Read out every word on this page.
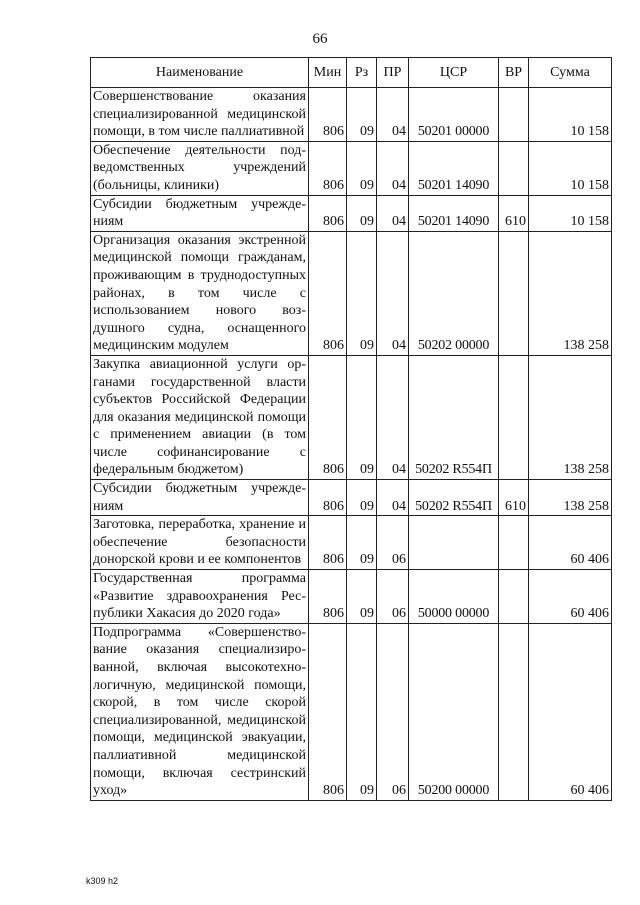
66
Наименование	Мин	Рз	ПР	ЦСР	ВР	Сумма
Совершенствование оказания специализированной медицинской помощи, в том числе паллиативной	806	09	04	50201 00000		10 158
Обеспечение деятельности подведомственных учреждений (больницы, клиники)	806	09	04	50201 14090		10 158
Субсидии бюджетным учреждениям	806	09	04	50201 14090	610	10 158
Организация оказания экстренной медицинской помощи гражданам, проживающим в труднодоступных районах, в том числе с использованием нового воздушного судна, оснащенного медицинским модулем	806	09	04	50202 00000		138 258
Закупка авиационной услуги органами государственной власти субъектов Российской Федерации для оказания медицинской помощи с применением авиации (в том числе софинансирование с федеральным бюджетом)	806	09	04	50202 R554П		138 258
Субсидии бюджетным учреждениям	806	09	04	50202 R554П	610	138 258
Заготовка, переработка, хранение и обеспечение безопасности донорской крови и ее компонентов	806	09	06			60 406
Государственная программа «Развитие здравоохранения Республики Хакасия до 2020 года»	806	09	06	50000 00000		60 406
Подпрограмма «Совершенствование оказания специализированной, включая высокотехнологичную, медицинской помощи, скорой, в том числе скорой специализированной, медицинской помощи, медицинской эвакуации, паллиативной медицинской помощи, включая сестринский уход»	806	09	06	50200 00000		60 406
k309 h2
